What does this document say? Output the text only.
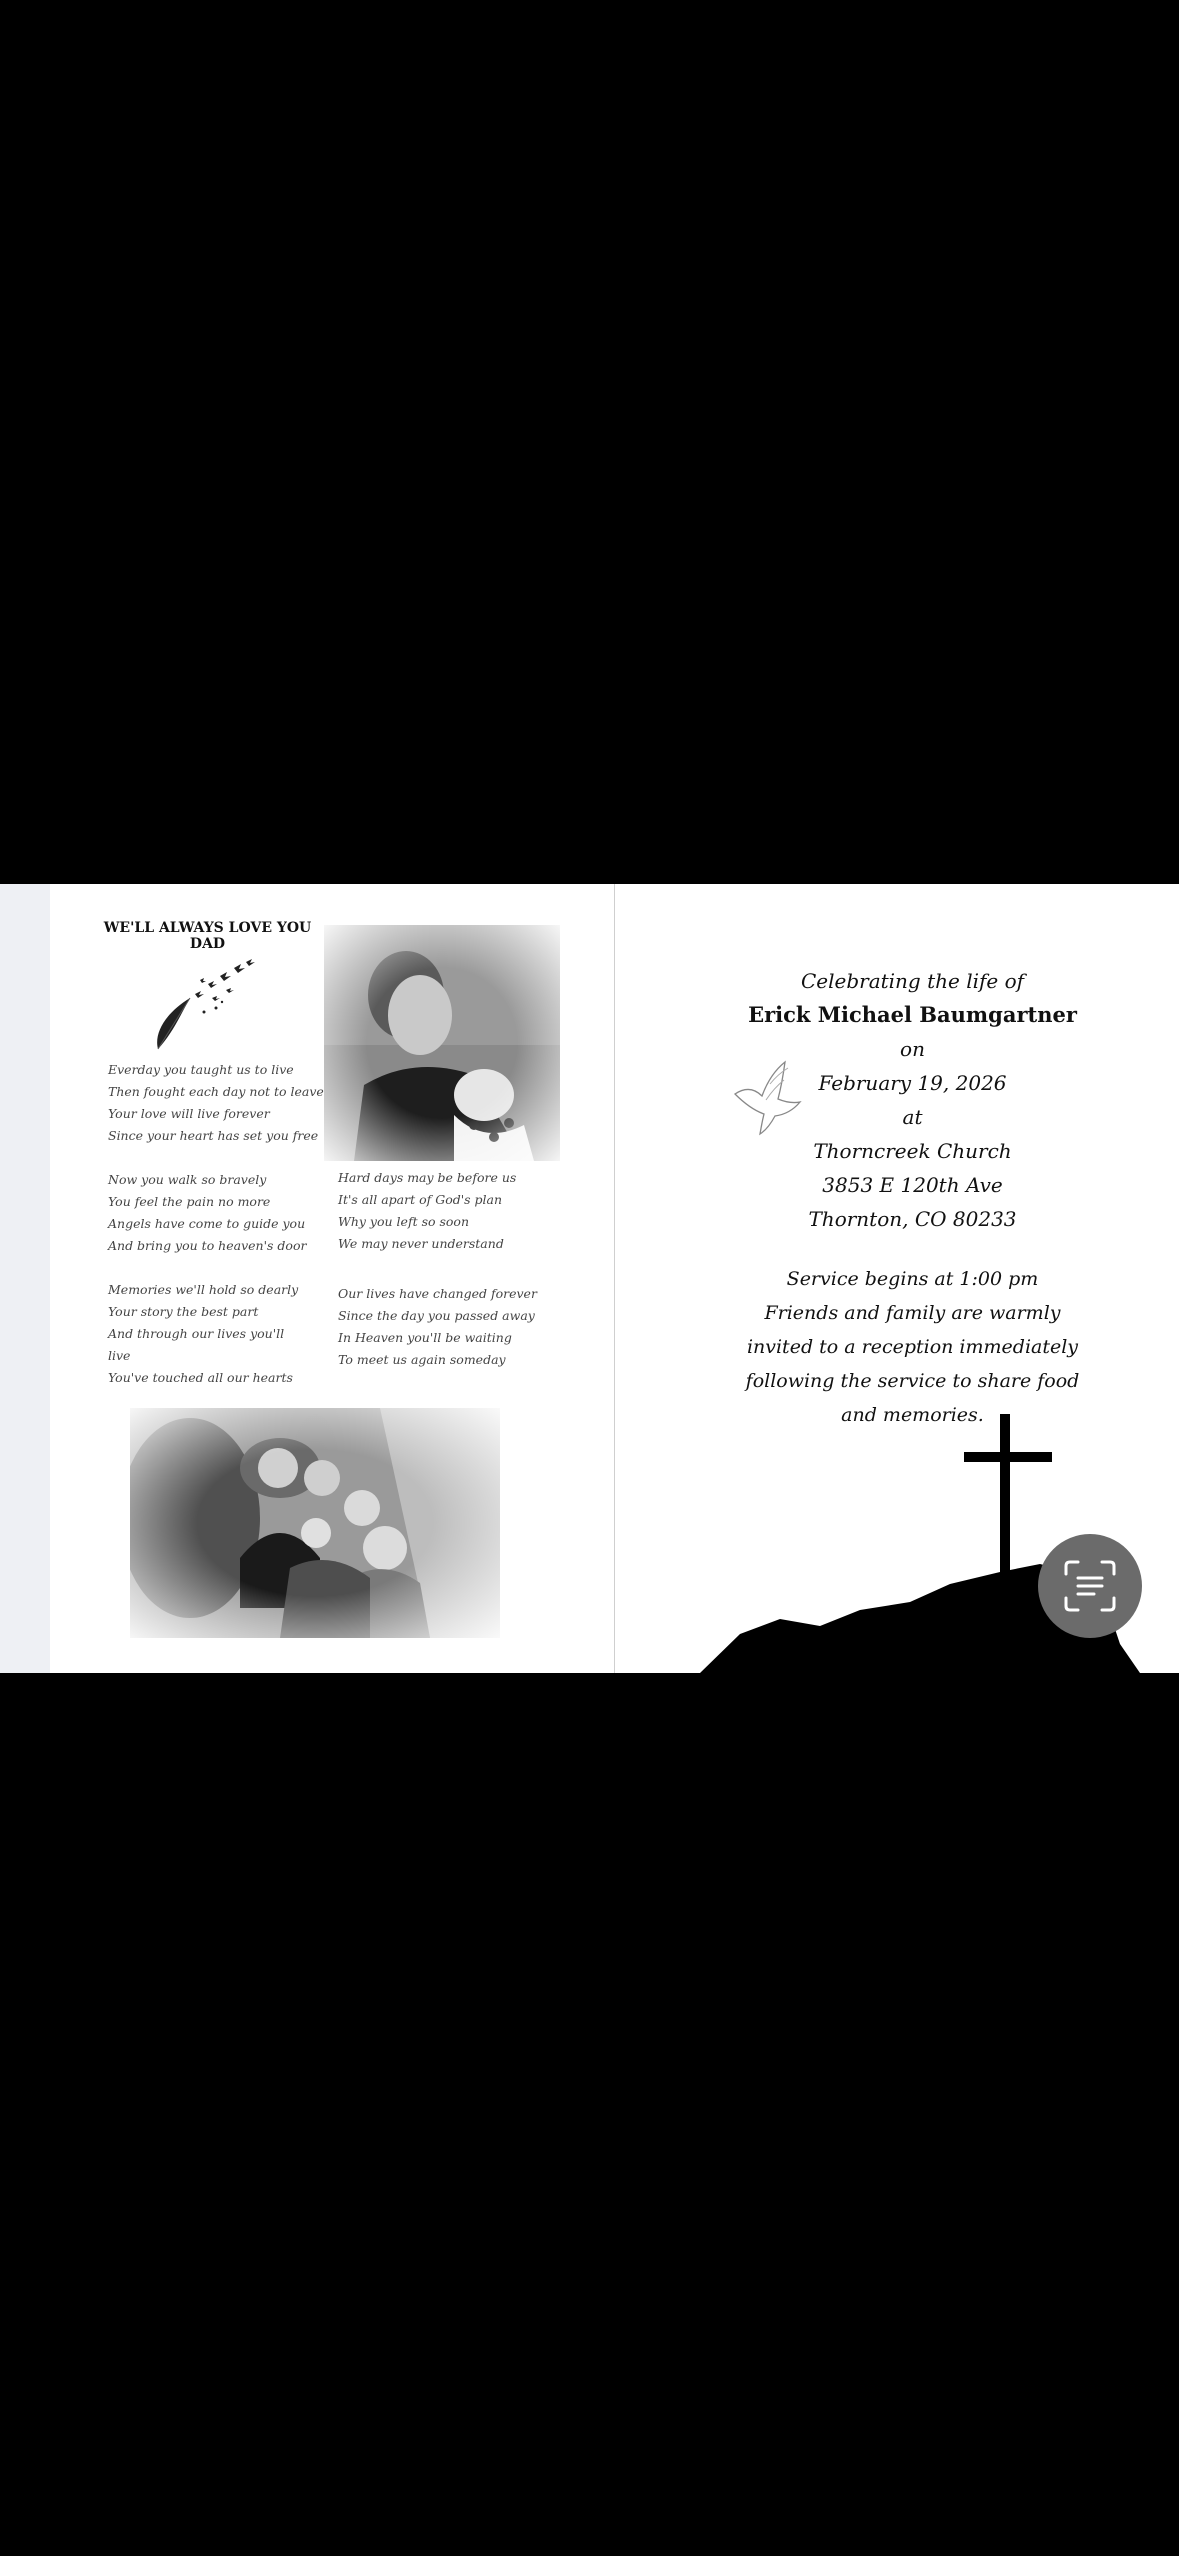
WE'LL ALWAYS LOVE YOU DAD
Everday you taught us to live
Then fought each day not to leave
Your love will live forever
Since your heart has set you free
Now you walk so bravely
You feel the pain no more
Angels have come to guide you
And bring you to heaven's door
Memories we'll hold so dearly
Your story the best part
And through our lives you'll
live
You've touched all our hearts
Hard days may be before us
It's all apart of God's plan
Why you left so soon
We may never understand
Our lives have changed forever
Since the day you passed away
In Heaven you'll be waiting
To meet us again someday
Celebrating the life of
Erick Michael Baumgartner
on
February 19, 2026
at
Thorncreek Church
3853 E 120th Ave
Thornton, CO 80233
Service begins at 1:00 pm
Friends and family are warmly
invited to a reception immediately
following the service to share food
and memories.
